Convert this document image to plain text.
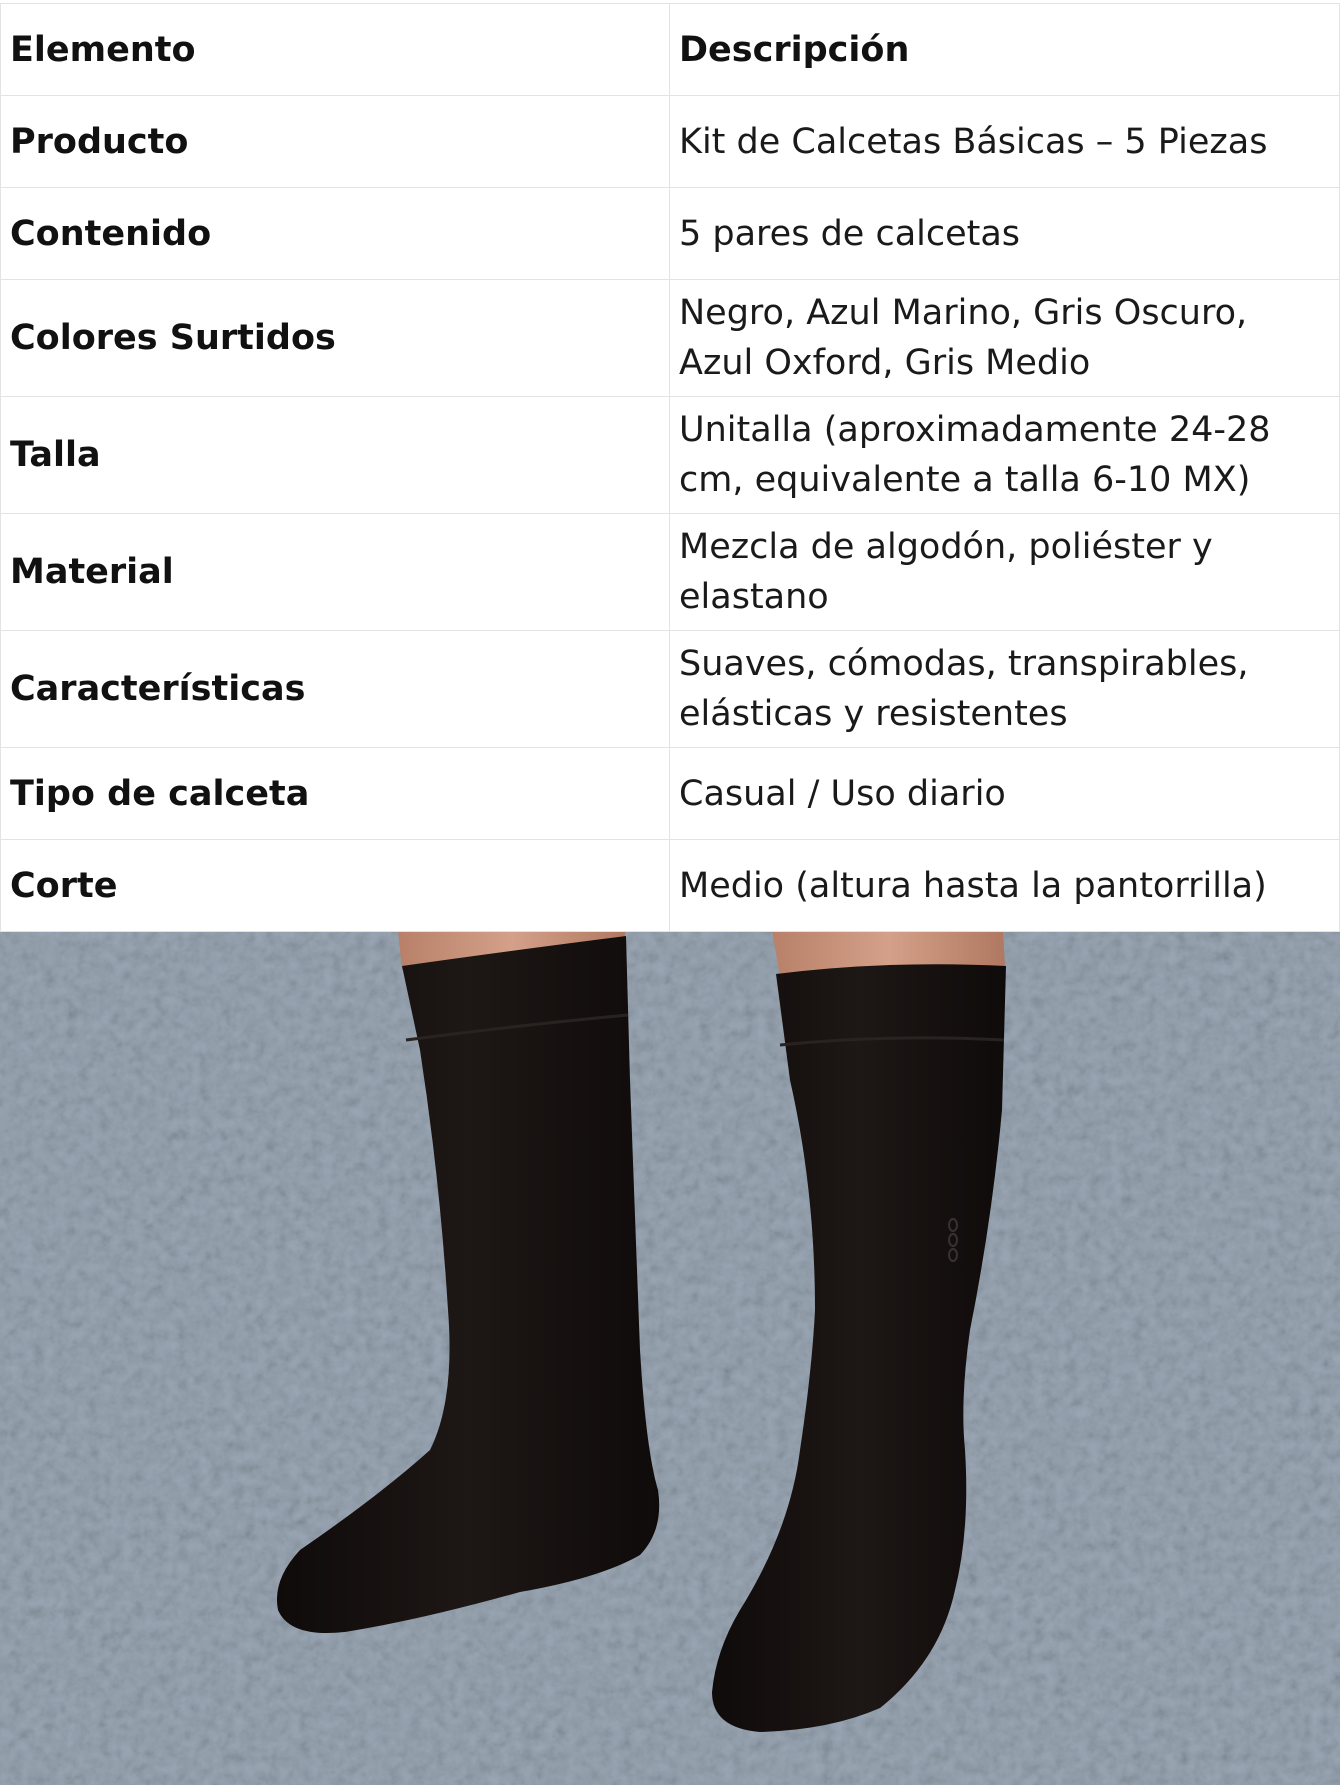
Elemento	Descripción
Producto	Kit de Calcetas Básicas – 5 Piezas
Contenido	5 pares de calcetas
Colores Surtidos	Negro, Azul Marino, Gris Oscuro, Azul Oxford, Gris Medio
Talla	Unitalla (aproximadamente 24-28 cm, equivalente a talla 6-10 MX)
Material	Mezcla de algodón, poliéster y elastano
Características	Suaves, cómodas, transpirables, elásticas y resistentes
Tipo de calceta	Casual / Uso diario
Corte	Medio (altura hasta la pantorrilla)
